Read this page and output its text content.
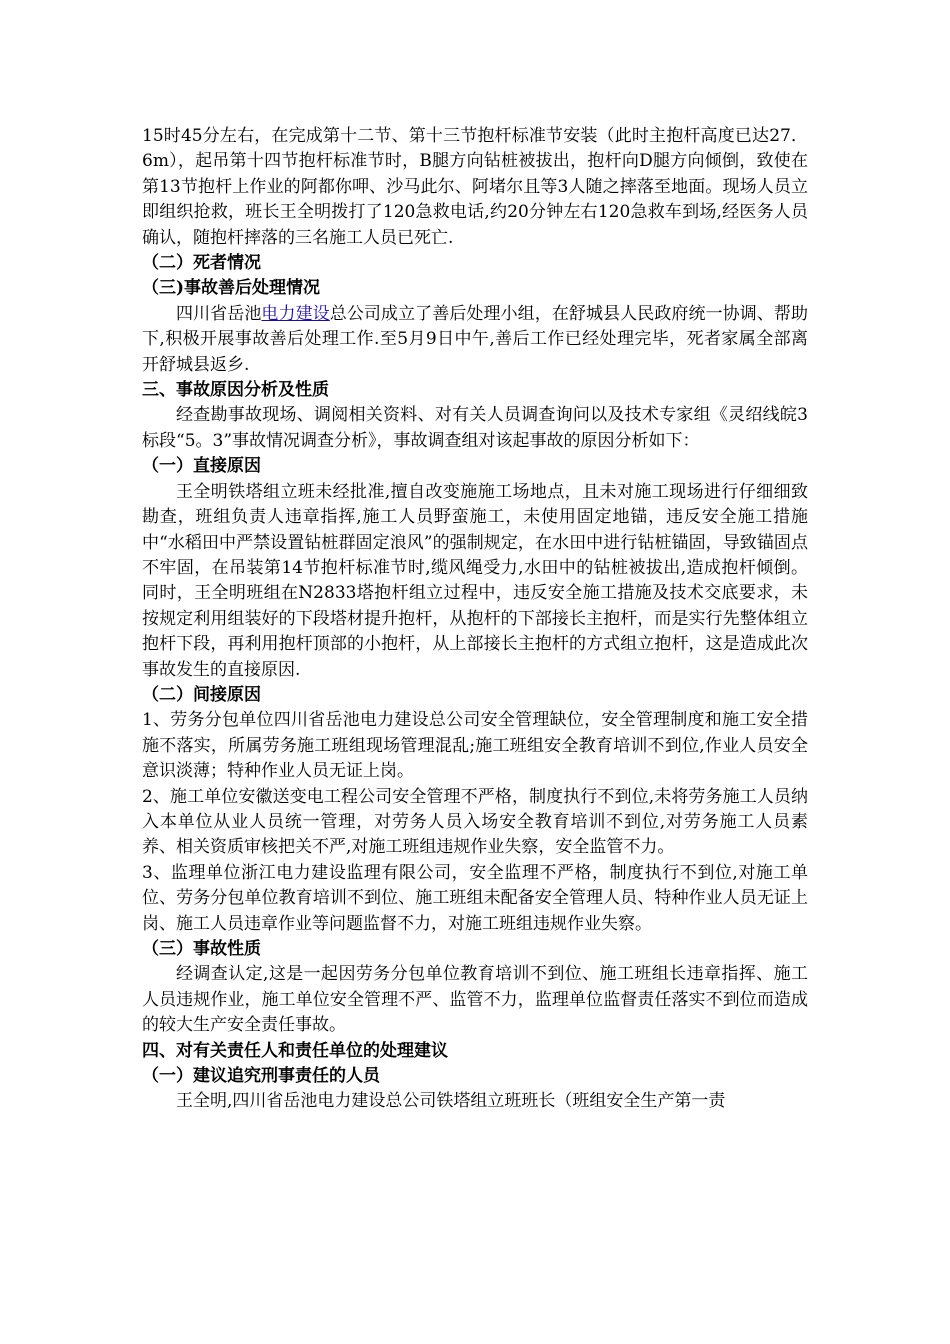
15时45分左右，在完成第十二节、第十三节抱杆标准节安装（此时主抱杆高度已达27．6m），起吊第十四节抱杆标准节时，B腿方向钻桩被拔出，抱杆向D腿方向倾倒，致使在第13节抱杆上作业的阿都你呷、沙马此尔、阿堵尔且等3人随之摔落至地面。现场人员立即组织抢救，班长王全明拨打了120急救电话,约20分钟左右120急救车到场,经医务人员确认，随抱杆摔落的三名施工人员已死亡.

（二）死者情况

（三)事故善后处理情况

四川省岳池电力建设总公司成立了善后处理小组，在舒城县人民政府统一协调、帮助下,积极开展事故善后处理工作.至5月9日中午,善后工作已经处理完毕，死者家属全部离开舒城县返乡.

三、事故原因分析及性质

经查勘事故现场、调阅相关资料、对有关人员调查询问以及技术专家组《灵绍线皖3标段“5。3”事故情况调查分析》，事故调查组对该起事故的原因分析如下：

（一）直接原因

王全明铁塔组立班未经批准,擅自改变施施工场地点，且未对施工现场进行仔细细致勘查，班组负责人违章指挥,施工人员野蛮施工，未使用固定地锚，违反安全施工措施中“水稻田中严禁设置钻桩群固定浪风”的强制规定，在水田中进行钻桩锚固，导致锚固点不牢固，在吊装第14节抱杆标准节时,缆风绳受力,水田中的钻桩被拔出,造成抱杆倾倒。同时，王全明班组在N2833塔抱杆组立过程中，违反安全施工措施及技术交底要求，未按规定利用组装好的下段塔材提升抱杆，从抱杆的下部接长主抱杆，而是实行先整体组立抱杆下段，再利用抱杆顶部的小抱杆，从上部接长主抱杆的方式组立抱杆，这是造成此次事故发生的直接原因.

（二）间接原因

1、劳务分包单位四川省岳池电力建设总公司安全管理缺位，安全管理制度和施工安全措施不落实，所属劳务施工班组现场管理混乱;施工班组安全教育培训不到位,作业人员安全意识淡薄；特种作业人员无证上岗。

2、施工单位安徽送变电工程公司安全管理不严格，制度执行不到位,未将劳务施工人员纳入本单位从业人员统一管理，对劳务人员入场安全教育培训不到位,对劳务施工人员素养、相关资质审核把关不严,对施工班组违规作业失察，安全监管不力。

3、监理单位浙江电力建设监理有限公司，安全监理不严格，制度执行不到位,对施工单位、劳务分包单位教育培训不到位、施工班组未配备安全管理人员、特种作业人员无证上岗、施工人员违章作业等问题监督不力，对施工班组违规作业失察。

（三）事故性质

经调查认定,这是一起因劳务分包单位教育培训不到位、施工班组长违章指挥、施工人员违规作业，施工单位安全管理不严、监管不力，监理单位监督责任落实不到位而造成的较大生产安全责任事故。

四、对有关责任人和责任单位的处理建议

（一）建议追究刑事责任的人员

王全明,四川省岳池电力建设总公司铁塔组立班班长（班组安全生产第一责
